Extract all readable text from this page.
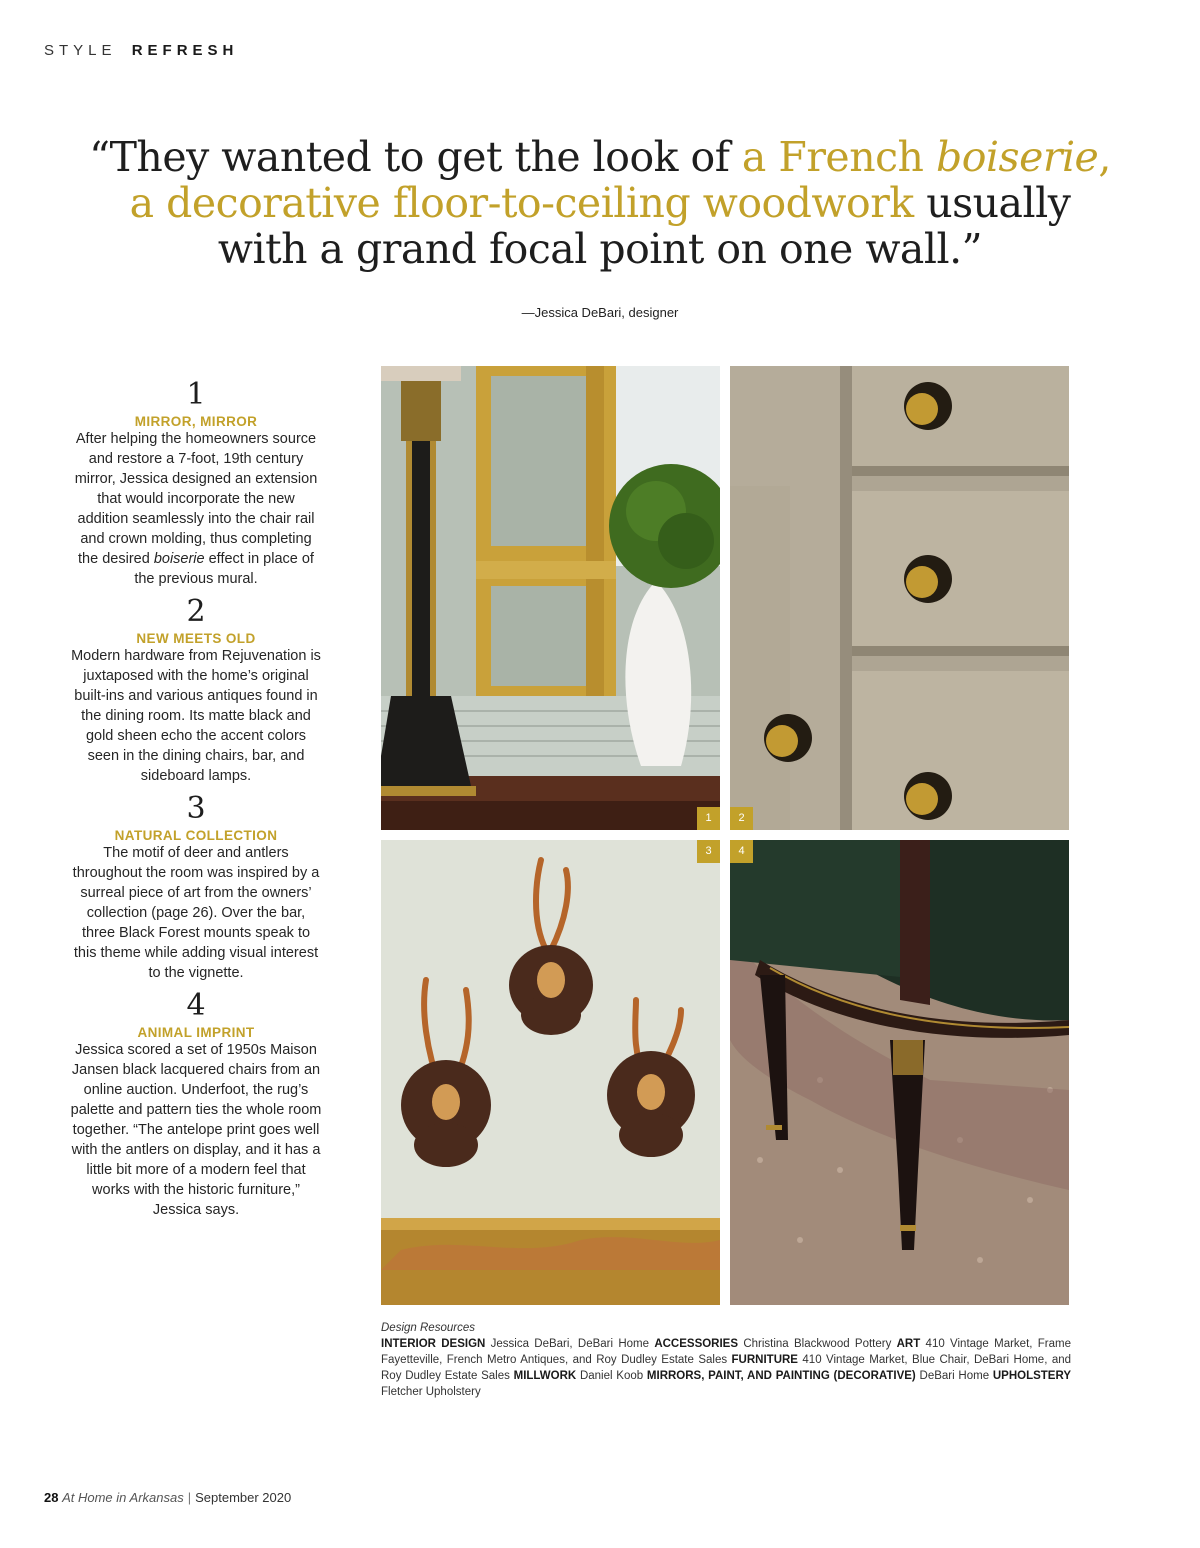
STYLE REFRESH
“They wanted to get the look of a French boiserie,
a decorative floor-to-ceiling woodwork usually
with a grand focal point on one wall.”
—Jessica DeBari, designer
1
MIRROR, MIRROR
After helping the homeowners source and restore a 7-foot, 19th century mirror, Jessica designed an extension that would incorporate the new addition seamlessly into the chair rail and crown molding, thus completing the desired boiserie effect in place of the previous mural.
2
NEW MEETS OLD
Modern hardware from Rejuvenation is juxtaposed with the home’s original built-ins and various antiques found in the dining room. Its matte black and gold sheen echo the accent colors seen in the dining chairs, bar, and sideboard lamps.
3
NATURAL COLLECTION
The motif of deer and antlers throughout the room was inspired by a surreal piece of art from the owners’ collection (page 26). Over the bar, three Black Forest mounts speak to this theme while adding visual interest to the vignette.
4
ANIMAL IMPRINT
Jessica scored a set of 1950s Maison Jansen black lacquered chairs from an online auction. Underfoot, the rug’s palette and pattern ties the whole room together. “The antelope print goes well with the antlers on display, and it has a little bit more of a modern feel that works with the historic furniture,” Jessica says.
1	2
3	4
Design Resources
INTERIOR DESIGN Jessica DeBari, DeBari Home ACCESSORIES Christina Blackwood Pottery ART 410 Vintage Market, Frame Fayetteville, French Metro Antiques, and Roy Dudley Estate Sales FURNITURE 410 Vintage Market, Blue Chair, DeBari Home, and Roy Dudley Estate Sales MILLWORK Daniel Koob MIRRORS, PAINT, AND PAINTING (DECORATIVE) DeBari Home UPHOLSTERY Fletcher Upholstery
28 At Home in Arkansas | September 2020
